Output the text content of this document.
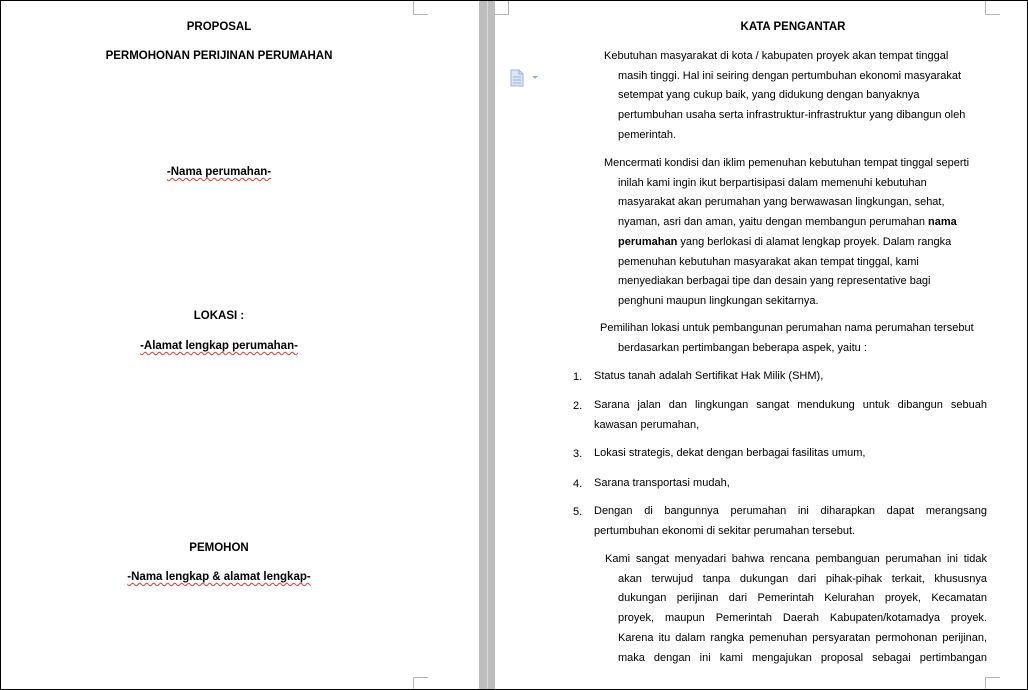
PROPOSAL
PERMOHONAN PERIJINAN PERUMAHAN
-Nama perumahan-
LOKASI :
-Alamat lengkap perumahan-
PEMOHON
-Nama lengkap & alamat lengkap-
KATA PENGANTAR
Kebutuhan masyarakat di kota / kabupaten proyek akan tempat tinggal
masih tinggi. Hal ini seiring dengan pertumbuhan ekonomi masyarakat
setempat yang cukup baik, yang didukung dengan banyaknya
pertumbuhan usaha serta infrastruktur-infrastruktur yang dibangun oleh
pemerintah.
Mencermati kondisi dan iklim pemenuhan kebutuhan tempat tinggal seperti
inilah kami ingin ikut berpartisipasi dalam memenuhi kebutuhan
masyarakat akan perumahan yang berwawasan lingkungan, sehat,
nyaman, asri dan aman, yaitu dengan membangun perumahan nama
perumahan yang berlokasi di alamat lengkap proyek. Dalam rangka
pemenuhan kebutuhan masyarakat akan tempat tinggal, kami
menyediakan berbagai tipe dan desain yang representative bagi
penghuni maupun lingkungan sekitarnya.
Pemilihan lokasi untuk pembangunan perumahan nama perumahan tersebut
berdasarkan pertimbangan beberapa aspek, yaitu :
1. Status tanah adalah Sertifikat Hak Milik (SHM),
2. Sarana jalan dan lingkungan sangat mendukung untuk dibangun sebuah
kawasan perumahan,
3. Lokasi strategis, dekat dengan berbagai fasilitas umum,
4. Sarana transportasi mudah,
5. Dengan di bangunnya perumahan ini diharapkan dapat merangsang
pertumbuhan ekonomi di sekitar perumahan tersebut.
Kami sangat menyadari bahwa rencana pembanguan perumahan ini tidak
akan terwujud tanpa dukungan dari pihak-pihak terkait, khususnya
dukungan perijinan dari Pemerintah Kelurahan proyek, Kecamatan
proyek, maupun Pemerintah Daerah Kabupaten/kotamadya proyek.
Karena itu dalam rangka pemenuhan persyaratan permohonan perijinan,
maka dengan ini kami mengajukan proposal sebagai pertimbangan
